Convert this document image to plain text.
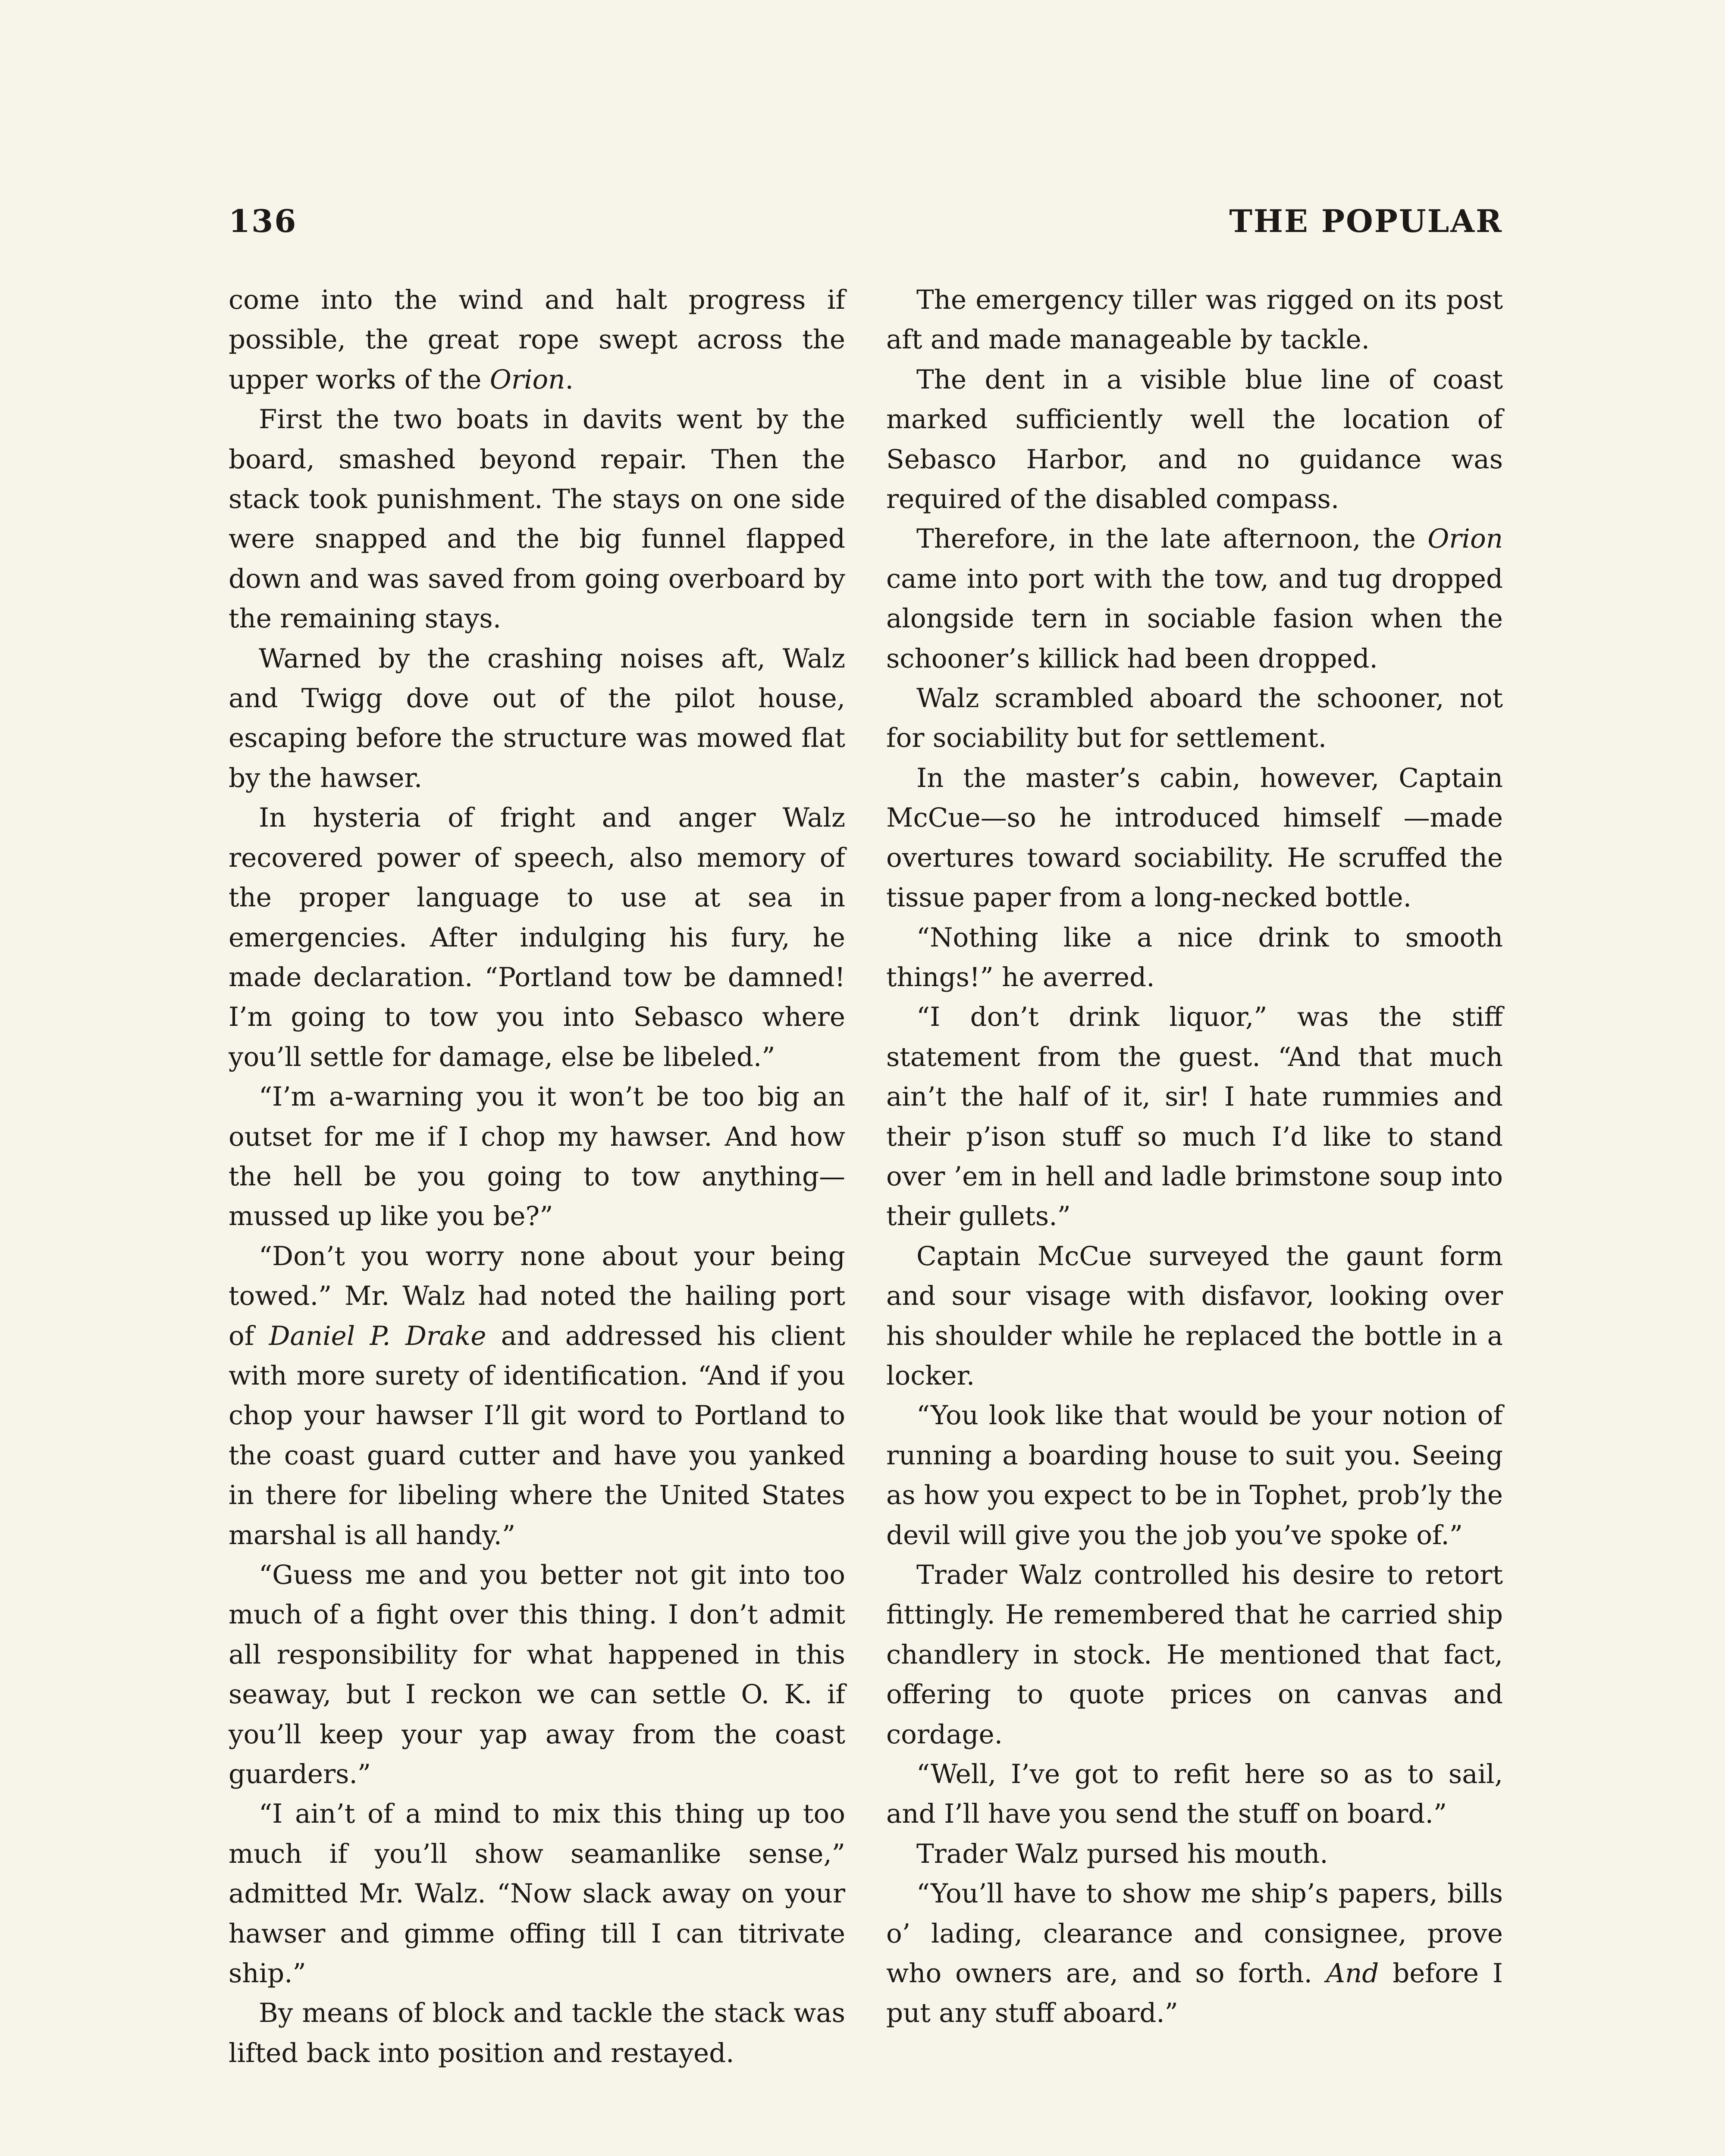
136	THE POPULAR

come into the wind and halt progress if possible, the great rope swept across the upper works of the Orion.

First the two boats in davits went by the board, smashed beyond repair. Then the stack took punishment. The stays on one side were snapped and the big funnel flapped down and was saved from going overboard by the remaining stays.

Warned by the crashing noises aft, Walz and Twigg dove out of the pilot house, escaping before the structure was mowed flat by the hawser.

In hysteria of fright and anger Walz recovered power of speech, also memory of the proper language to use at sea in emergencies. After indulging his fury, he made declaration. “Portland tow be damned! I’m going to tow you into Sebasco where you’ll settle for damage, else be libeled.”

“I’m a-warning you it won’t be too big an outset for me if I chop my hawser. And how the hell be you going to tow anything—mussed up like you be?”

“Don’t you worry none about your being towed.” Mr. Walz had noted the hailing port of Daniel P. Drake and addressed his client with more surety of identification. “And if you chop your hawser I’ll git word to Portland to the coast guard cutter and have you yanked in there for libeling where the United States marshal is all handy.”

“Guess me and you better not git into too much of a fight over this thing. I don’t admit all responsibility for what happened in this seaway, but I reckon we can settle O. K. if you’ll keep your yap away from the coast guarders.”

“I ain’t of a mind to mix this thing up too much if you’ll show seamanlike sense,” admitted Mr. Walz. “Now slack away on your hawser and gimme offing till I can titrivate ship.”

By means of block and tackle the stack was lifted back into position and restayed.

The emergency tiller was rigged on its post aft and made manageable by tackle.

The dent in a visible blue line of coast marked sufficiently well the location of Sebasco Harbor, and no guidance was required of the disabled compass.

Therefore, in the late afternoon, the Orion came into port with the tow, and tug dropped alongside tern in sociable fasion when the schooner’s killick had been dropped.

Walz scrambled aboard the schooner, not for sociability but for settlement.

In the master’s cabin, however, Captain McCue—so he introduced himself —made overtures toward sociability. He scruffed the tissue paper from a long-necked bottle.

“Nothing like a nice drink to smooth things!” he averred.

“I don’t drink liquor,” was the stiff statement from the guest. “And that much ain’t the half of it, sir! I hate rummies and their p’ison stuff so much I’d like to stand over ’em in hell and ladle brimstone soup into their gullets.”

Captain McCue surveyed the gaunt form and sour visage with disfavor, looking over his shoulder while he replaced the bottle in a locker.

“You look like that would be your notion of running a boarding house to suit you. Seeing as how you expect to be in Tophet, prob’ly the devil will give you the job you’ve spoke of.”

Trader Walz controlled his desire to retort fittingly. He remembered that he carried ship chandlery in stock. He mentioned that fact, offering to quote prices on canvas and cordage.

“Well, I’ve got to refit here so as to sail, and I’ll have you send the stuff on board.”

Trader Walz pursed his mouth.

“You’ll have to show me ship’s papers, bills o’ lading, clearance and consignee, prove who owners are, and so forth. And before I put any stuff aboard.”
